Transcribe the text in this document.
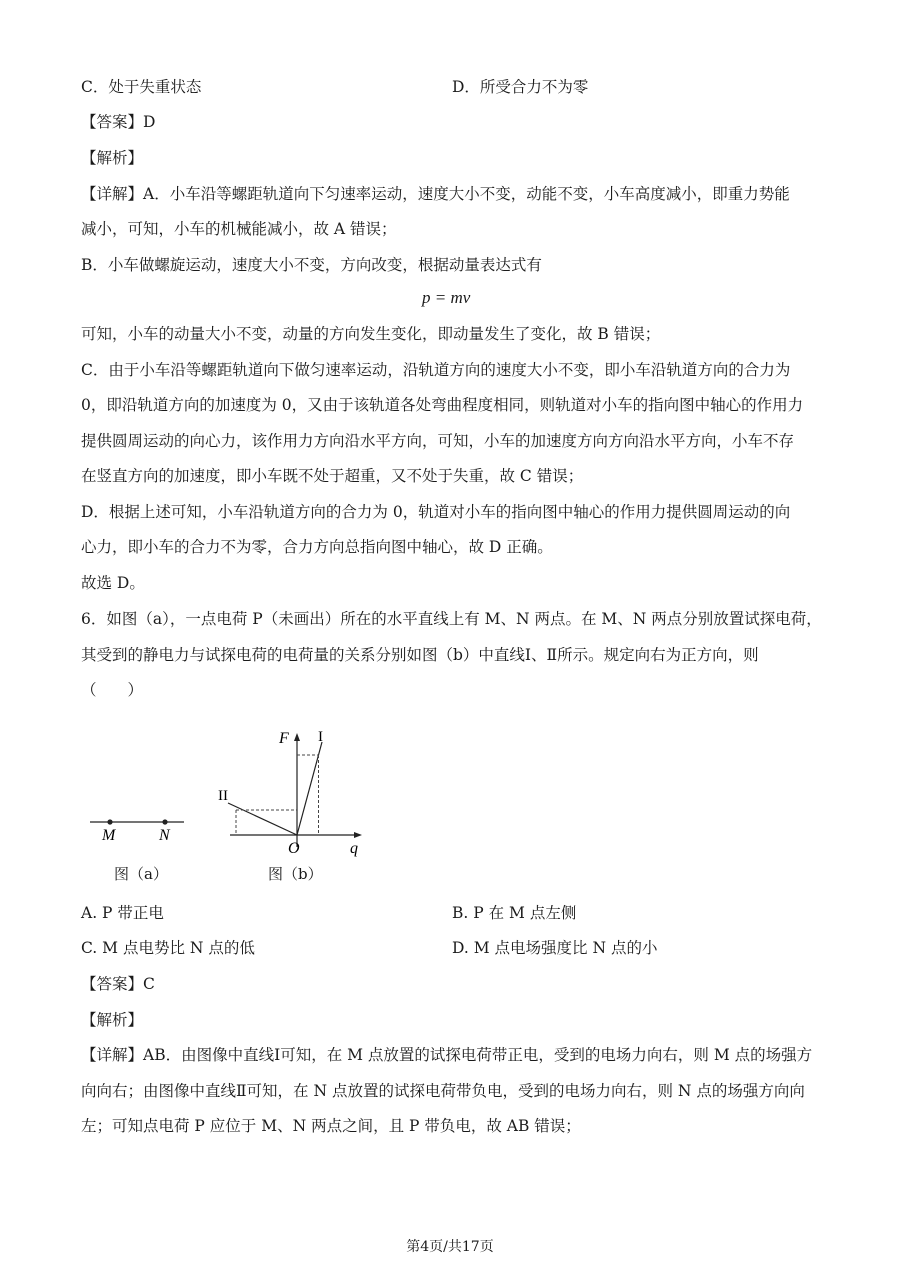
C．处于失重状态	D．所受合力不为零
【答案】D
【解析】
【详解】A．小车沿等螺距轨道向下匀速率运动，速度大小不变，动能不变，小车高度减小，即重力势能
减小，可知，小车的机械能减小，故 A 错误；
B．小车做螺旋运动，速度大小不变，方向改变，根据动量表达式有
p = mv
可知，小车的动量大小不变，动量的方向发生变化，即动量发生了变化，故 B 错误；
C．由于小车沿等螺距轨道向下做匀速率运动，沿轨道方向的速度大小不变，即小车沿轨道方向的合力为
0，即沿轨道方向的加速度为 0，又由于该轨道各处弯曲程度相同，则轨道对小车的指向图中轴心的作用力
提供圆周运动的向心力，该作用力方向沿水平方向，可知，小车的加速度方向方向沿水平方向，小车不存
在竖直方向的加速度，即小车既不处于超重，又不处于失重，故 C 错误；
D．根据上述可知，小车沿轨道方向的合力为 0，轨道对小车的指向图中轴心的作用力提供圆周运动的向
心力，即小车的合力不为零，合力方向总指向图中轴心，故 D 正确。
故选 D。
6．如图（a），一点电荷 P（未画出）所在的水平直线上有 M、N 两点。在 M、N 两点分别放置试探电荷，
其受到的静电力与试探电荷的电荷量的关系分别如图（b）中直线Ⅰ、Ⅱ所示。规定向右为正方向，则
（　　）
M	N
图（a）
F I
II
O	q
图（b）
A. P 带正电	B. P 在 M 点左侧
C. M 点电势比 N 点的低	D. M 点电场强度比 N 点的小
【答案】C
【解析】
【详解】AB．由图像中直线Ⅰ可知，在 M 点放置的试探电荷带正电，受到的电场力向右，则 M 点的场强方
向向右；由图像中直线Ⅱ可知，在 N 点放置的试探电荷带负电，受到的电场力向右，则 N 点的场强方向向
左；可知点电荷 P 应位于 M、N 两点之间，且 P 带负电，故 AB 错误；
第4页/共17页
